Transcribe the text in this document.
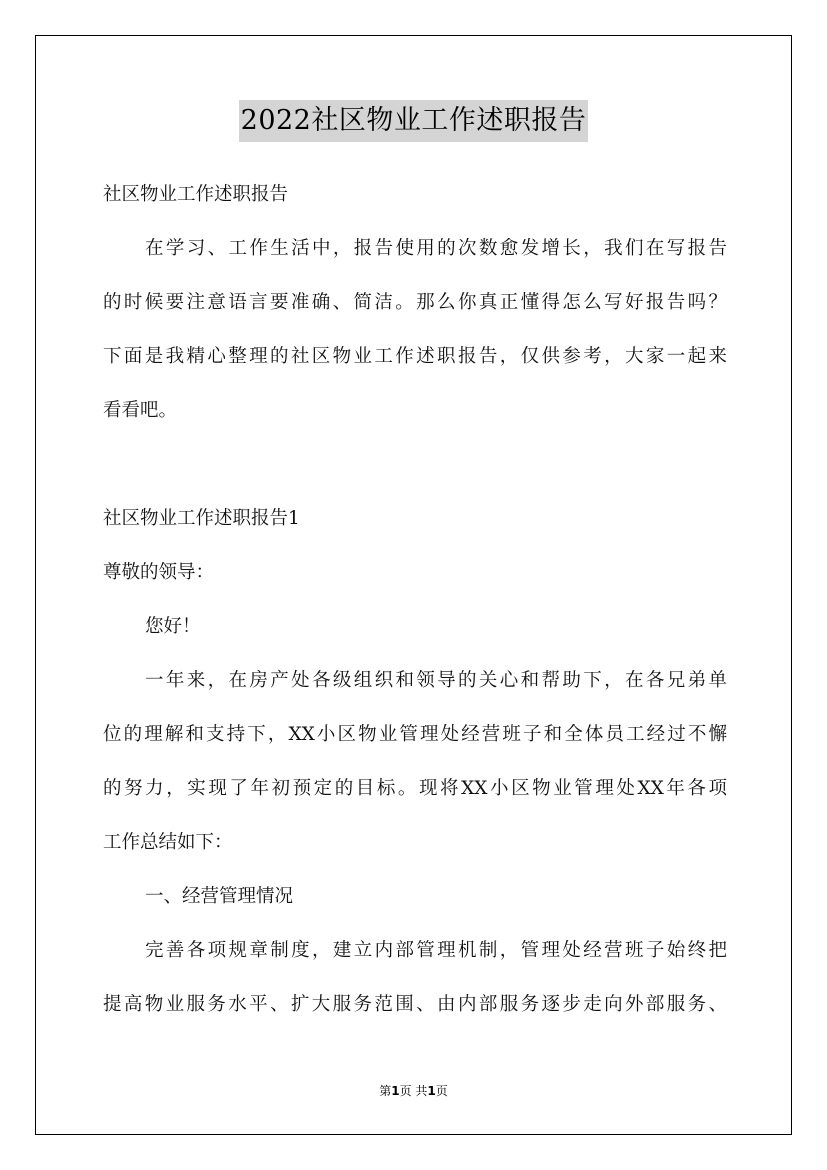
2022社区物业工作述职报告
社区物业工作述职报告
在学习、工作生活中，报告使用的次数愈发增长，我们在写报告
的时候要注意语言要准确、简洁。那么你真正懂得怎么写好报告吗？
下面是我精心整理的社区物业工作述职报告，仅供参考，大家一起来
看看吧。
社区物业工作述职报告1
尊敬的领导：
您好！
一年来，在房产处各级组织和领导的关心和帮助下，在各兄弟单
位的理解和支持下，XX小区物业管理处经营班子和全体员工经过不懈
的努力，实现了年初预定的目标。现将XX小区物业管理处XX年各项
工作总结如下：
一、经营管理情况
完善各项规章制度，建立内部管理机制，管理处经营班子始终把
提高物业服务水平、扩大服务范围、由内部服务逐步走向外部服务、
第1页 共1页
